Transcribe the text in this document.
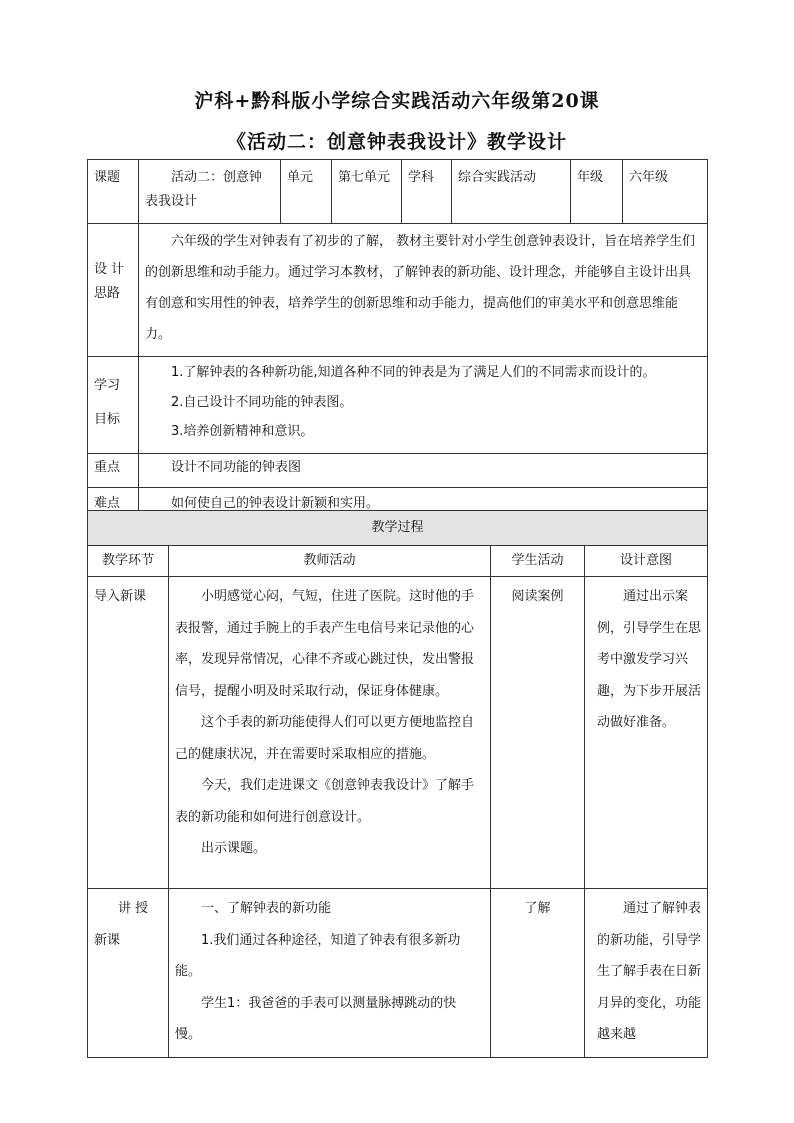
沪科+黔科版小学综合实践活动六年级第20课
《活动二：创意钟表我设计》教学设计
课题	活动二：创意钟表我设计	单元	第七单元	学科	综合实践活动	年级	六年级

设 计
思路	六年级的学生对钟表有了初步的了解， 教材主要针对小学生创意钟表设计，旨在培养学生们的创新思维和动手能力。通过学习本教材，了解钟表的新功能、设计理念，并能够自主设计出具有创意和实用性的钟表，培养学生的创新思维和动手能力，提高他们的审美水平和创意思维能力。						

学习
目标	1.了解钟表的各种新功能,知道各种不同的钟表是为了满足人们的不同需求而设计的。
2.自己设计不同功能的钟表图。
3.培养创新精神和意识。						

重点	设计不同功能的钟表图						
难点	如何使自己的钟表设计新颖和实用。						
教学过程			
教学环节	教师活动	学生活动	设计意图
导入新课	小明感觉心闷，气短，住进了医院。这时他的手表报警，通过手腕上的手表产生电信号来记录他的心率，发现异常情况，心律不齐或心跳过快，发出警报信号，提醒小明及时采取行动，保证身体健康。
这个手表的新功能使得人们可以更方便地监控自己的健康状况，并在需要时采取相应的措施。
今天，我们走进课文《创意钟表我设计》了解手表的新功能和如何进行创意设计。
出示课题。	阅读案例	通过出示案例，引导学生在思考中激发学习兴趣，为下步开展活动做好准备。

讲 授
新课	一、了解钟表的新功能
1.我们通过各种途径，知道了钟表有很多新功能。
学生1：我爸爸的手表可以测量脉搏跳动的快慢。	了解	通过了解钟表的新功能，引导学生了解手表在日新月异的变化，功能越来越
